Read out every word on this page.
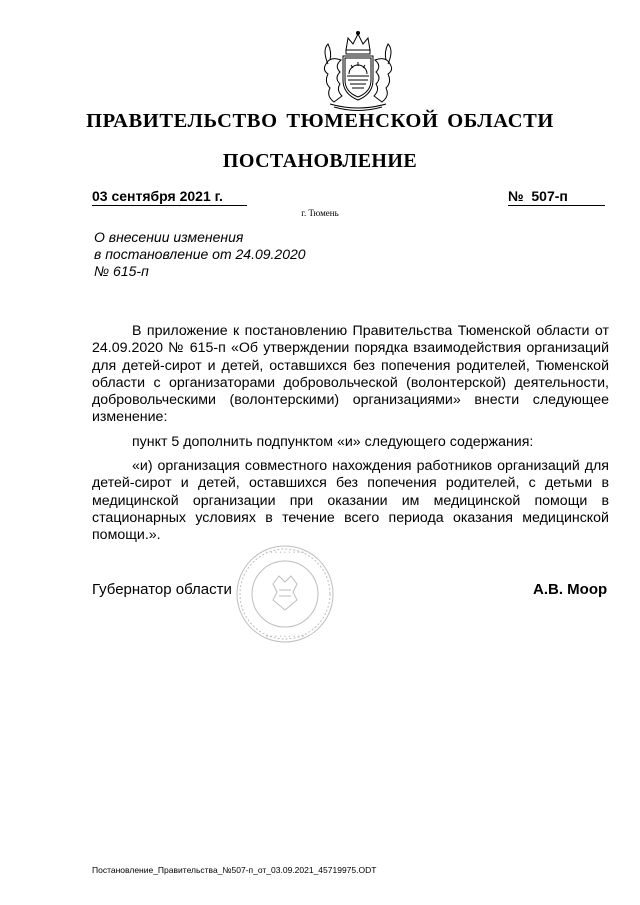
ПРАВИТЕЛЬСТВО ТЮМЕНСКОЙ ОБЛАСТИ
ПОСТАНОВЛЕНИЕ
03 сентября 2021 г.	№  507-п
г. Тюмень
О внесении изменения
в постановление от 24.09.2020
№ 615-п

В приложение к постановлению Правительства Тюменской области от 24.09.2020 № 615-п «Об утверждении порядка взаимодействия организаций для детей-сирот и детей, оставшихся без попечения родителей, Тюменской области с организаторами добровольческой (волонтерской) деятельности, добровольческими (волонтерскими) организациями» внести следующее изменение:

пункт 5 дополнить подпунктом «и» следующего содержания:

«и) организация совместного нахождения работников организаций для детей-сирот и детей, оставшихся без попечения родителей, с детьми в медицинской организации при оказании им медицинской помощи в стационарных условиях в течение всего периода оказания медицинской помощи.».

• • • • • • • • •
• • • • • • • • •
Губернатор области	А.В. Моор
Постановление_Правительства_№507-п_от_03.09.2021_45719975.ODT
